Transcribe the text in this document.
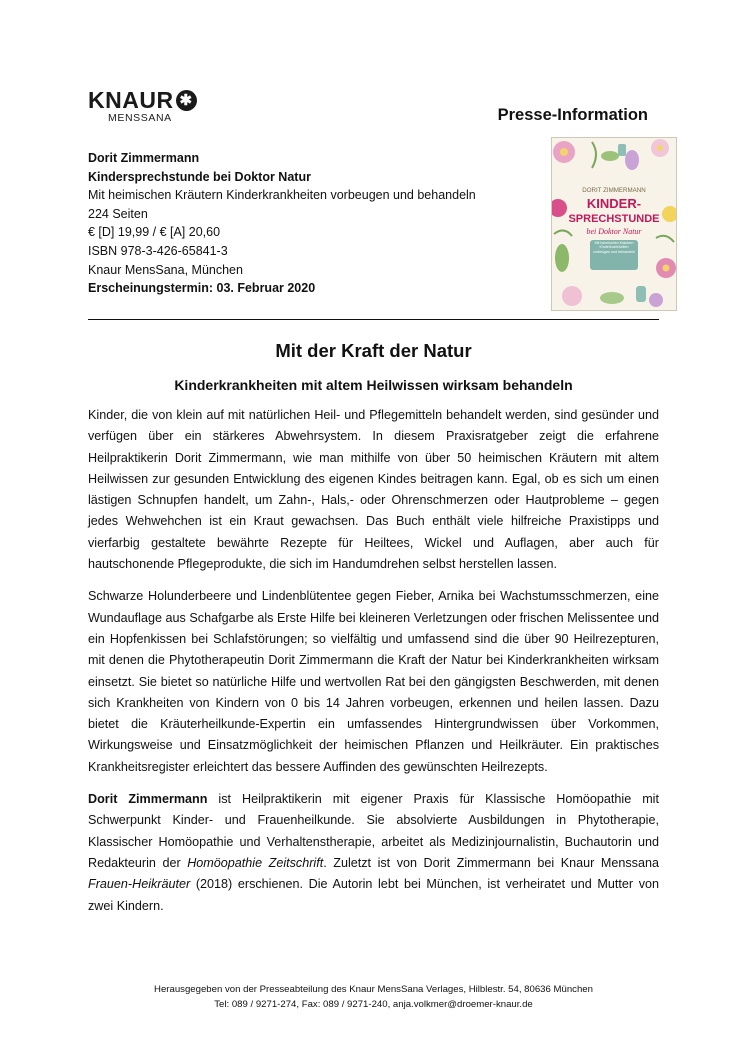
KNAUR ✱
MENSSANA	Presse-Information
Dorit Zimmermann
Kindersprechstunde bei Doktor Natur
Mit heimischen Kräutern Kinderkrankheiten vorbeugen und behandeln
224 Seiten
€ [D] 19,99 / € [A] 20,60
ISBN 978-3-426-65841-3
Knaur MensSana, München
Erscheinungstermin: 03. Februar 2020
DORIT ZIMMERMANN
KINDER-
SPRECHSTUNDE
bei Doktor Natur
Mit heimischen Kräutern Kinderkrankheiten vorbeugen und behandeln
Mit der Kraft der Natur
Kinderkrankheiten mit altem Heilwissen wirksam behandeln

Kinder, die von klein auf mit natürlichen Heil- und Pflegemitteln behandelt werden, sind gesünder und verfügen über ein stärkeres Abwehrsystem. In diesem Praxisratgeber zeigt die erfahrene Heilpraktikerin Dorit Zimmermann, wie man mithilfe von über 50 heimischen Kräutern mit altem Heilwissen zur gesunden Entwicklung des eigenen Kindes beitragen kann. Egal, ob es sich um einen lästigen Schnupfen handelt, um Zahn-, Hals,- oder Ohrenschmerzen oder Hautprobleme – gegen jedes Wehwehchen ist ein Kraut gewachsen. Das Buch enthält viele hilfreiche Praxistipps und vierfarbig gestaltete bewährte Rezepte für Heiltees, Wickel und Auflagen, aber auch für hautschonende Pflegeprodukte, die sich im Handumdrehen selbst herstellen lassen.

Schwarze Holunderbeere und Lindenblütentee gegen Fieber, Arnika bei Wachstumsschmerzen, eine Wundauflage aus Schafgarbe als Erste Hilfe bei kleineren Verletzungen oder frischen Melissentee und ein Hopfenkissen bei Schlafstörungen; so vielfältig und umfassend sind die über 90 Heilrezepturen, mit denen die Phytotherapeutin Dorit Zimmermann die Kraft der Natur bei Kinderkrankheiten wirksam einsetzt. Sie bietet so natürliche Hilfe und wertvollen Rat bei den gängigsten Beschwerden, mit denen sich Krankheiten von Kindern von 0 bis 14 Jahren vorbeugen, erkennen und heilen lassen. Dazu bietet die Kräuterheilkunde-Expertin ein umfassendes Hintergrundwissen über Vorkommen, Wirkungsweise und Einsatzmöglichkeit der heimischen Pflanzen und Heilkräuter. Ein praktisches Krankheitsregister erleichtert das bessere Auffinden des gewünschten Heilrezepts.

Dorit Zimmermann ist Heilpraktikerin mit eigener Praxis für Klassische Homöopathie mit Schwerpunkt Kinder- und Frauenheilkunde. Sie absolvierte Ausbildungen in Phytotherapie, Klassischer Homöopathie und Verhaltenstherapie, arbeitet als Medizinjournalistin, Buchautorin und Redakteurin der Homöopathie Zeitschrift. Zuletzt ist von Dorit Zimmermann bei Knaur Menssana Frauen-Heikräuter (2018) erschienen. Die Autorin lebt bei München, ist verheiratet und Mutter von zwei Kindern.

Herausgegeben von der Presseabteilung des Knaur MensSana Verlages, Hilblestr. 54, 80636 München
Tel: 089 / 9271-274, Fax: 089 / 9271-240, anja.volkmer@droemer-knaur.de
